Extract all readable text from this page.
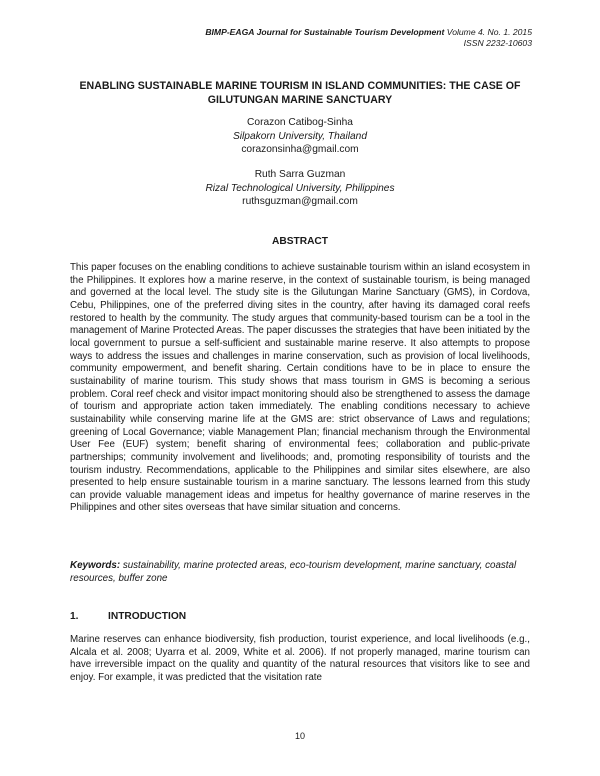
BIMP-EAGA Journal for Sustainable Tourism Development Volume 4. No. 1. 2015
ISSN 2232-10603
ENABLING SUSTAINABLE MARINE TOURISM IN ISLAND COMMUNITIES: THE CASE OF GILUTUNGAN MARINE SANCTUARY
Corazon Catibog-Sinha
Silpakorn University, Thailand
corazonsinha@gmail.com
Ruth Sarra Guzman
Rizal Technological University, Philippines
ruthsguzman@gmail.com
ABSTRACT
This paper focuses on the enabling conditions to achieve sustainable tourism within an island ecosystem in the Philippines. It explores how a marine reserve, in the context of sustainable tourism, is being managed and governed at the local level. The study site is the Gilutungan Marine Sanctuary (GMS), in Cordova, Cebu, Philippines, one of the preferred diving sites in the country, after having its damaged coral reefs restored to health by the community. The study argues that community-based tourism can be a tool in the management of Marine Protected Areas. The paper discusses the strategies that have been initiated by the local government to pursue a self-sufficient and sustainable marine reserve. It also attempts to propose ways to address the issues and challenges in marine conservation, such as provision of local livelihoods, community empowerment, and benefit sharing. Certain conditions have to be in place to ensure the sustainability of marine tourism. This study shows that mass tourism in GMS is becoming a serious problem. Coral reef check and visitor impact monitoring should also be strengthened to assess the damage of tourism and appropriate action taken immediately. The enabling conditions necessary to achieve sustainability while conserving marine life at the GMS are: strict observance of Laws and regulations; greening of Local Governance; viable Management Plan; financial mechanism through the Environmental User Fee (EUF) system; benefit sharing of environmental fees; collaboration and public-private partnerships; community involvement and livelihoods; and, promoting responsibility of tourists and the tourism industry. Recommendations, applicable to the Philippines and similar sites elsewhere, are also presented to help ensure sustainable tourism in a marine sanctuary. The lessons learned from this study can provide valuable management ideas and impetus for healthy governance of marine reserves in the Philippines and other sites overseas that have similar situation and concerns.
Keywords: sustainability, marine protected areas, eco-tourism development, marine sanctuary, coastal resources, buffer zone
1.	INTRODUCTION
Marine reserves can enhance biodiversity, fish production, tourist experience, and local livelihoods (e.g., Alcala et al. 2008; Uyarra et al. 2009, White et al. 2006). If not properly managed, marine tourism can have irreversible impact on the quality and quantity of the natural resources that visitors like to see and enjoy. For example, it was predicted that the visitation rate
10
